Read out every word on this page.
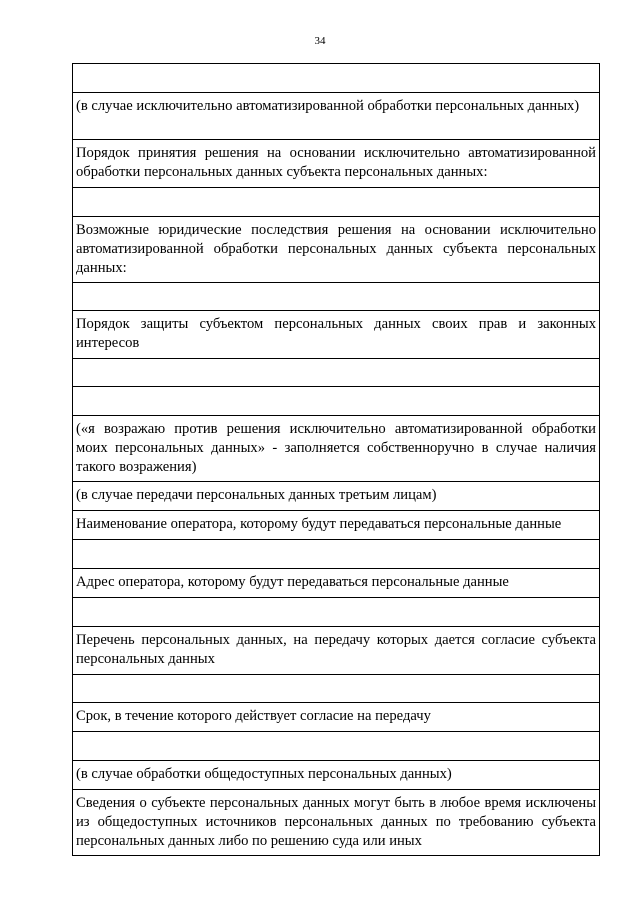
34
(в случае исключительно автоматизированной обработки персональных данных)
Порядок принятия решения на основании исключительно автоматизированной обработки персональных данных субъекта персональных данных:
Возможные юридические последствия решения на основании исключительно автоматизированной обработки персональных данных субъекта персональных данных:
Порядок защиты субъектом персональных данных своих прав и законных интересов
(«я возражаю против решения исключительно автоматизированной обработки моих персональных данных» - заполняется собственноручно в случае наличия такого возражения)
(в случае передачи персональных данных третьим лицам)
Наименование оператора, которому будут передаваться персональные данные
Адрес оператора, которому будут передаваться персональные данные
Перечень персональных данных, на передачу которых дается согласие субъекта персональных данных
Срок, в течение которого действует согласие на передачу
(в случае обработки общедоступных персональных данных)
Сведения о субъекте персональных данных могут быть в любое время исключены из общедоступных источников персональных данных по требованию субъекта персональных данных либо по решению суда или иных
